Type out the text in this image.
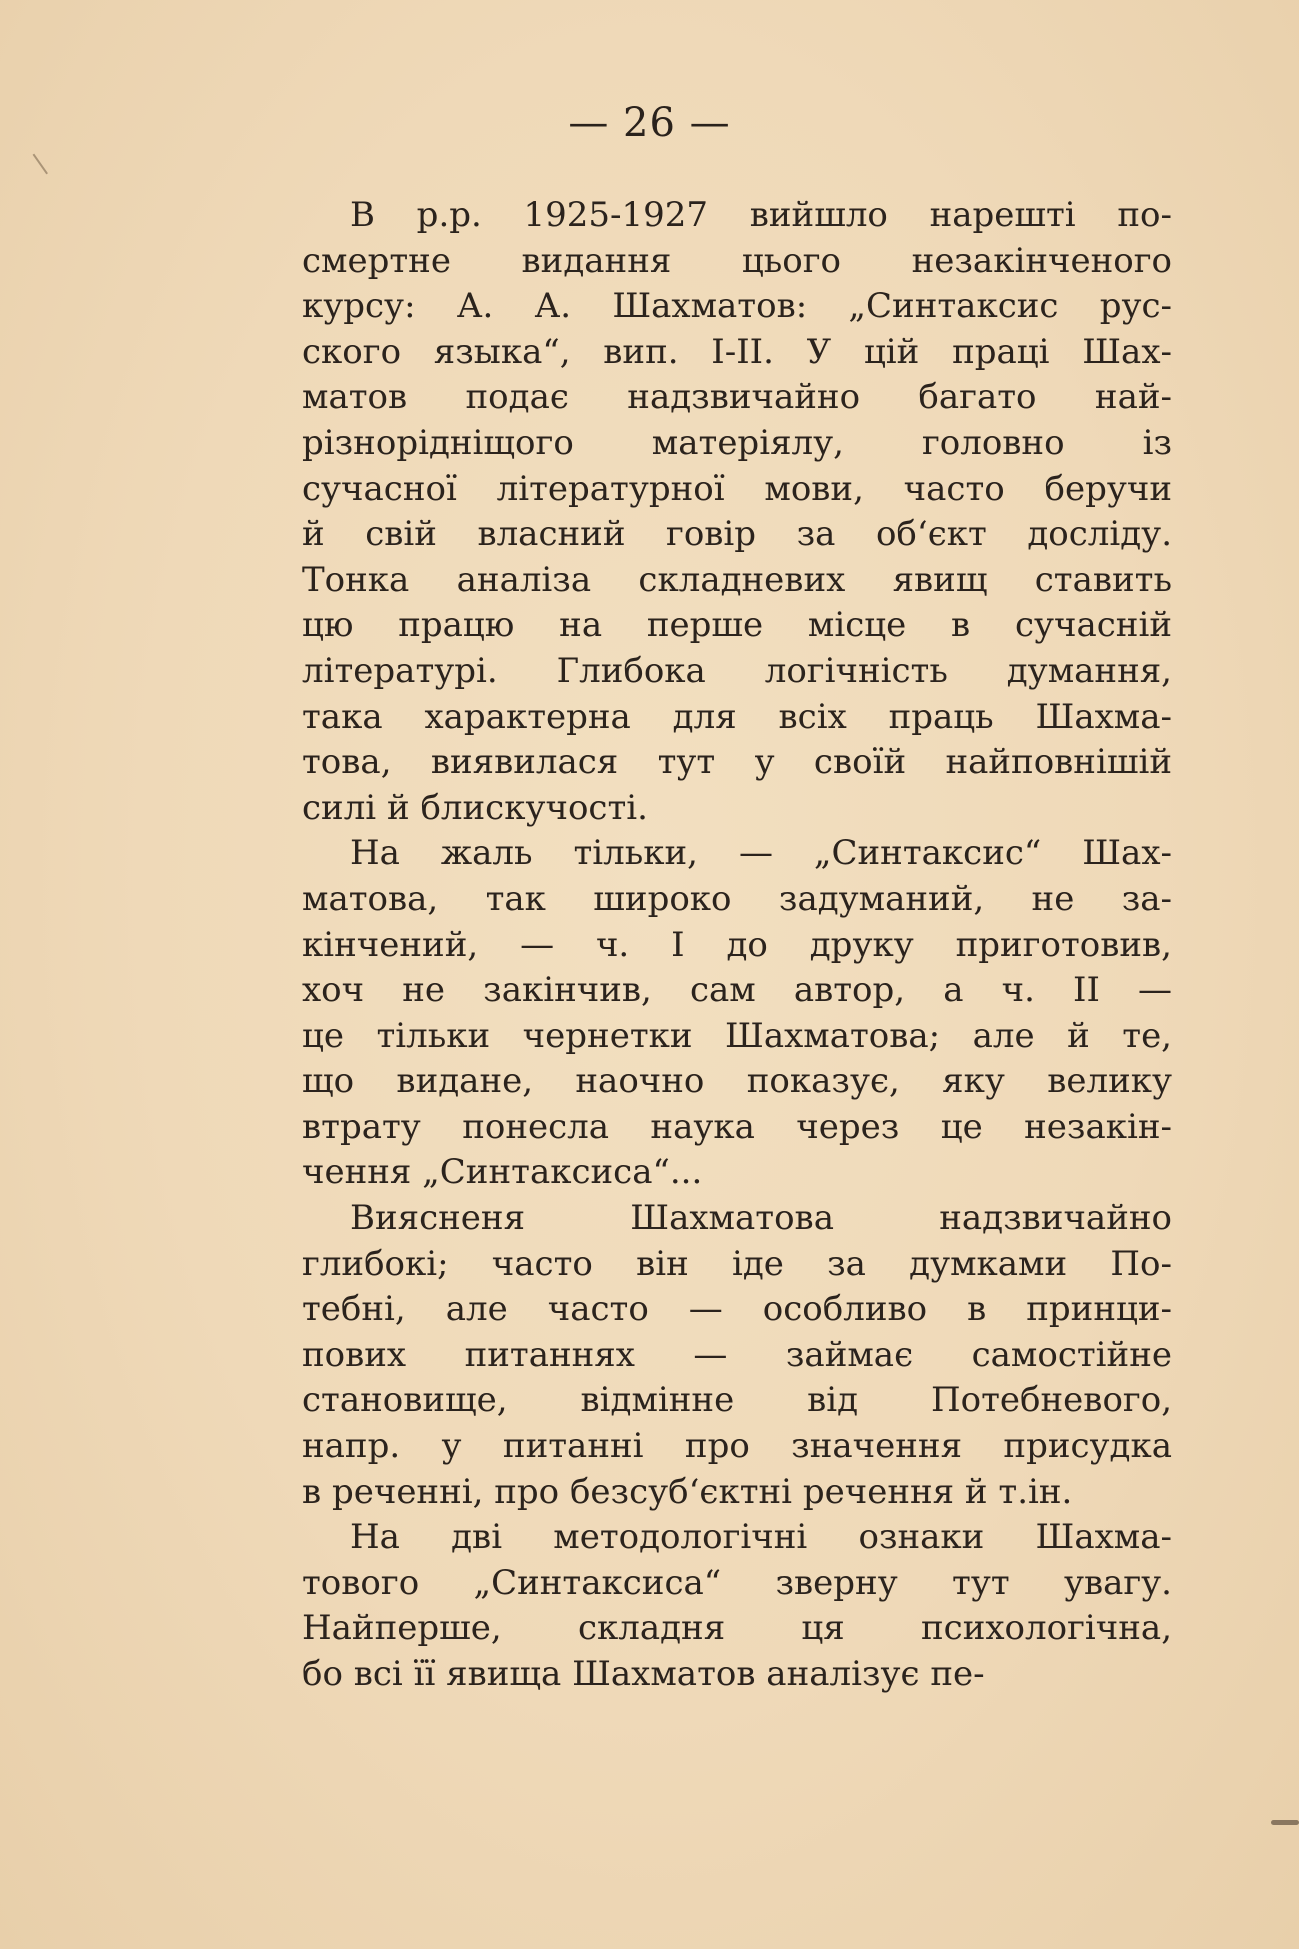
— 26 —
В р.р. 1925-1927 вийшло нарешті по-
смертне видання цього незакінченого
курсу: А. А. Шахматов: „Синтаксис рус-
ского языка“, вип. I-II. У цій праці Шах-
матов подає надзвичайно багато най-
різнорідніщого матеріялу, головно із
сучасної літературної мови, часто беручи
й свій власний говір за об‘єкт досліду.
Тонка аналіза складневих явищ ставить
цю працю на перше місце в сучасній
літературі. Глибока логічність думання,
така характерна для всіх праць Шахма-
това, виявилася тут у своїй найповнішій
силі й блискучості.
На жаль тільки, — „Синтаксис“ Шах-
матова, так широко задуманий, не за-
кінчений, — ч. I до друку приготовив,
хоч не закінчив, сам автор, а ч. II —
це тільки чернетки Шахматова; але й те,
що видане, наочно показує, яку велику
втрату понесла наука через це незакін-
чення „Синтаксиса“...
Виясненя Шахматова надзвичайно
глибокі; часто він іде за думками По-
тебні, але часто — особливо в принци-
пових питаннях — займає самостійне
становище, відмінне від Потебневого,
напр. у питанні про значення присудка
в реченні, про безсуб‘єктні речення й т.ін.
На дві методологічні ознаки Шахма-
тового „Синтаксиса“ зверну тут увагу.
Найперше, складня ця психологічна,
бо всі її явища Шахматов аналізує пе-
